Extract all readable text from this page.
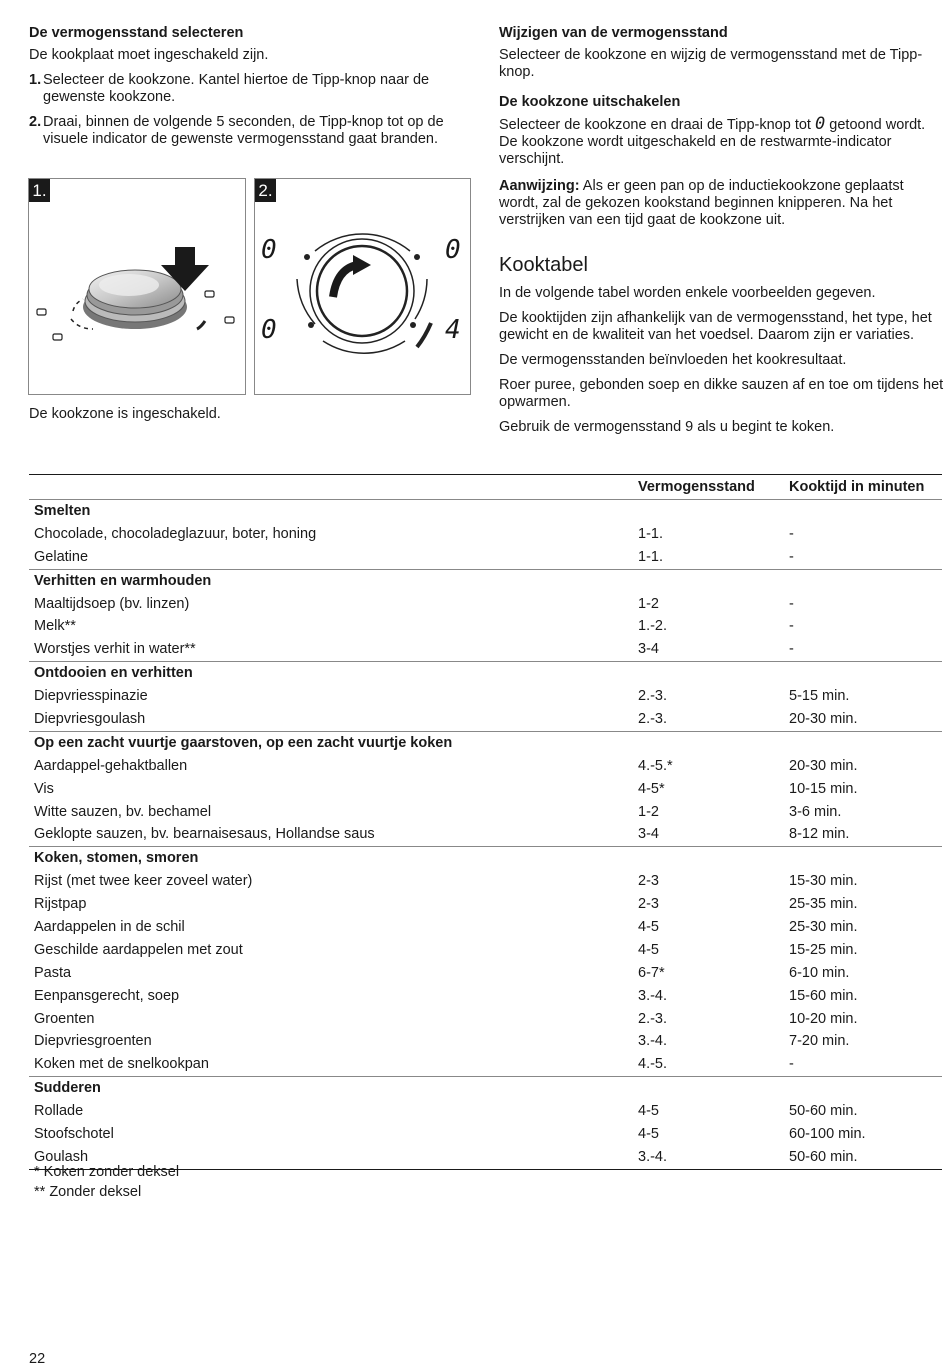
De vermogensstand selecteren

De kookplaat moet ingeschakeld zijn.

1. Selecteer de kookzone. Kantel hiertoe de Tipp-knop naar de gewenste kookzone.
2. Draai, binnen de volgende 5 seconden, de Tipp-knop tot op de visuele indicator de gewenste vermogensstand gaat branden.
1.	2.
0	0
0	4

De kookzone is ingeschakeld.

Wijzigen van de vermogensstand

Selecteer de kookzone en wijzig de vermogensstand met de Tipp-knop.

De kookzone uitschakelen

Selecteer de kookzone en draai de Tipp-knop tot 0 getoond wordt. De kookzone wordt uitgeschakeld en de restwarmte-indicator verschijnt.

Aanwijzing: Als er geen pan op de inductiekookzone geplaatst wordt, zal de gekozen kookstand beginnen knipperen. Na het verstrijken van een tijd gaat de kookzone uit.

Kooktabel

In de volgende tabel worden enkele voorbeelden gegeven.

De kooktijden zijn afhankelijk van de vermogensstand, het type, het gewicht en de kwaliteit van het voedsel. Daarom zijn er variaties.

De vermogensstanden beïnvloeden het kookresultaat.

Roer puree, gebonden soep en dikke sauzen af en toe om tijdens het opwarmen.

Gebruik de vermogensstand 9 als u begint te koken.

	Vermogensstand	Kooktijd in minuten
Smelten		
Chocolade, chocoladeglazuur, boter, honing	1-1.	-
Gelatine	1-1.	-
Verhitten en warmhouden		
Maaltijdsoep (bv. linzen)	1-2	-
Melk**	1.-2.	-
Worstjes verhit in water**	3-4	-
Ontdooien en verhitten		
Diepvriesspinazie	2.-3.	5-15 min.
Diepvriesgoulash	2.-3.	20-30 min.
Op een zacht vuurtje gaarstoven, op een zacht vuurtje koken		
Aardappel-gehaktballen	4.-5.*	20-30 min.
Vis	4-5*	10-15 min.
Witte sauzen, bv. bechamel	1-2	3-6 min.
Geklopte sauzen, bv. bearnaisesaus, Hollandse saus	3-4	8-12 min.
Koken, stomen, smoren		
Rijst (met twee keer zoveel water)	2-3	15-30 min.
Rijstpap	2-3	25-35 min.
Aardappelen in de schil	4-5	25-30 min.
Geschilde aardappelen met zout	4-5	15-25 min.
Pasta	6-7*	6-10 min.
Eenpansgerecht, soep	3.-4.	15-60 min.
Groenten	2.-3.	10-20 min.
Diepvriesgroenten	3.-4.	7-20 min.
Koken met de snelkookpan	4.-5.	-
Sudderen		
Rollade	4-5	50-60 min.
Stoofschotel	4-5	60-100 min.
Goulash	3.-4.	50-60 min.

* Koken zonder deksel

** Zonder deksel

22
